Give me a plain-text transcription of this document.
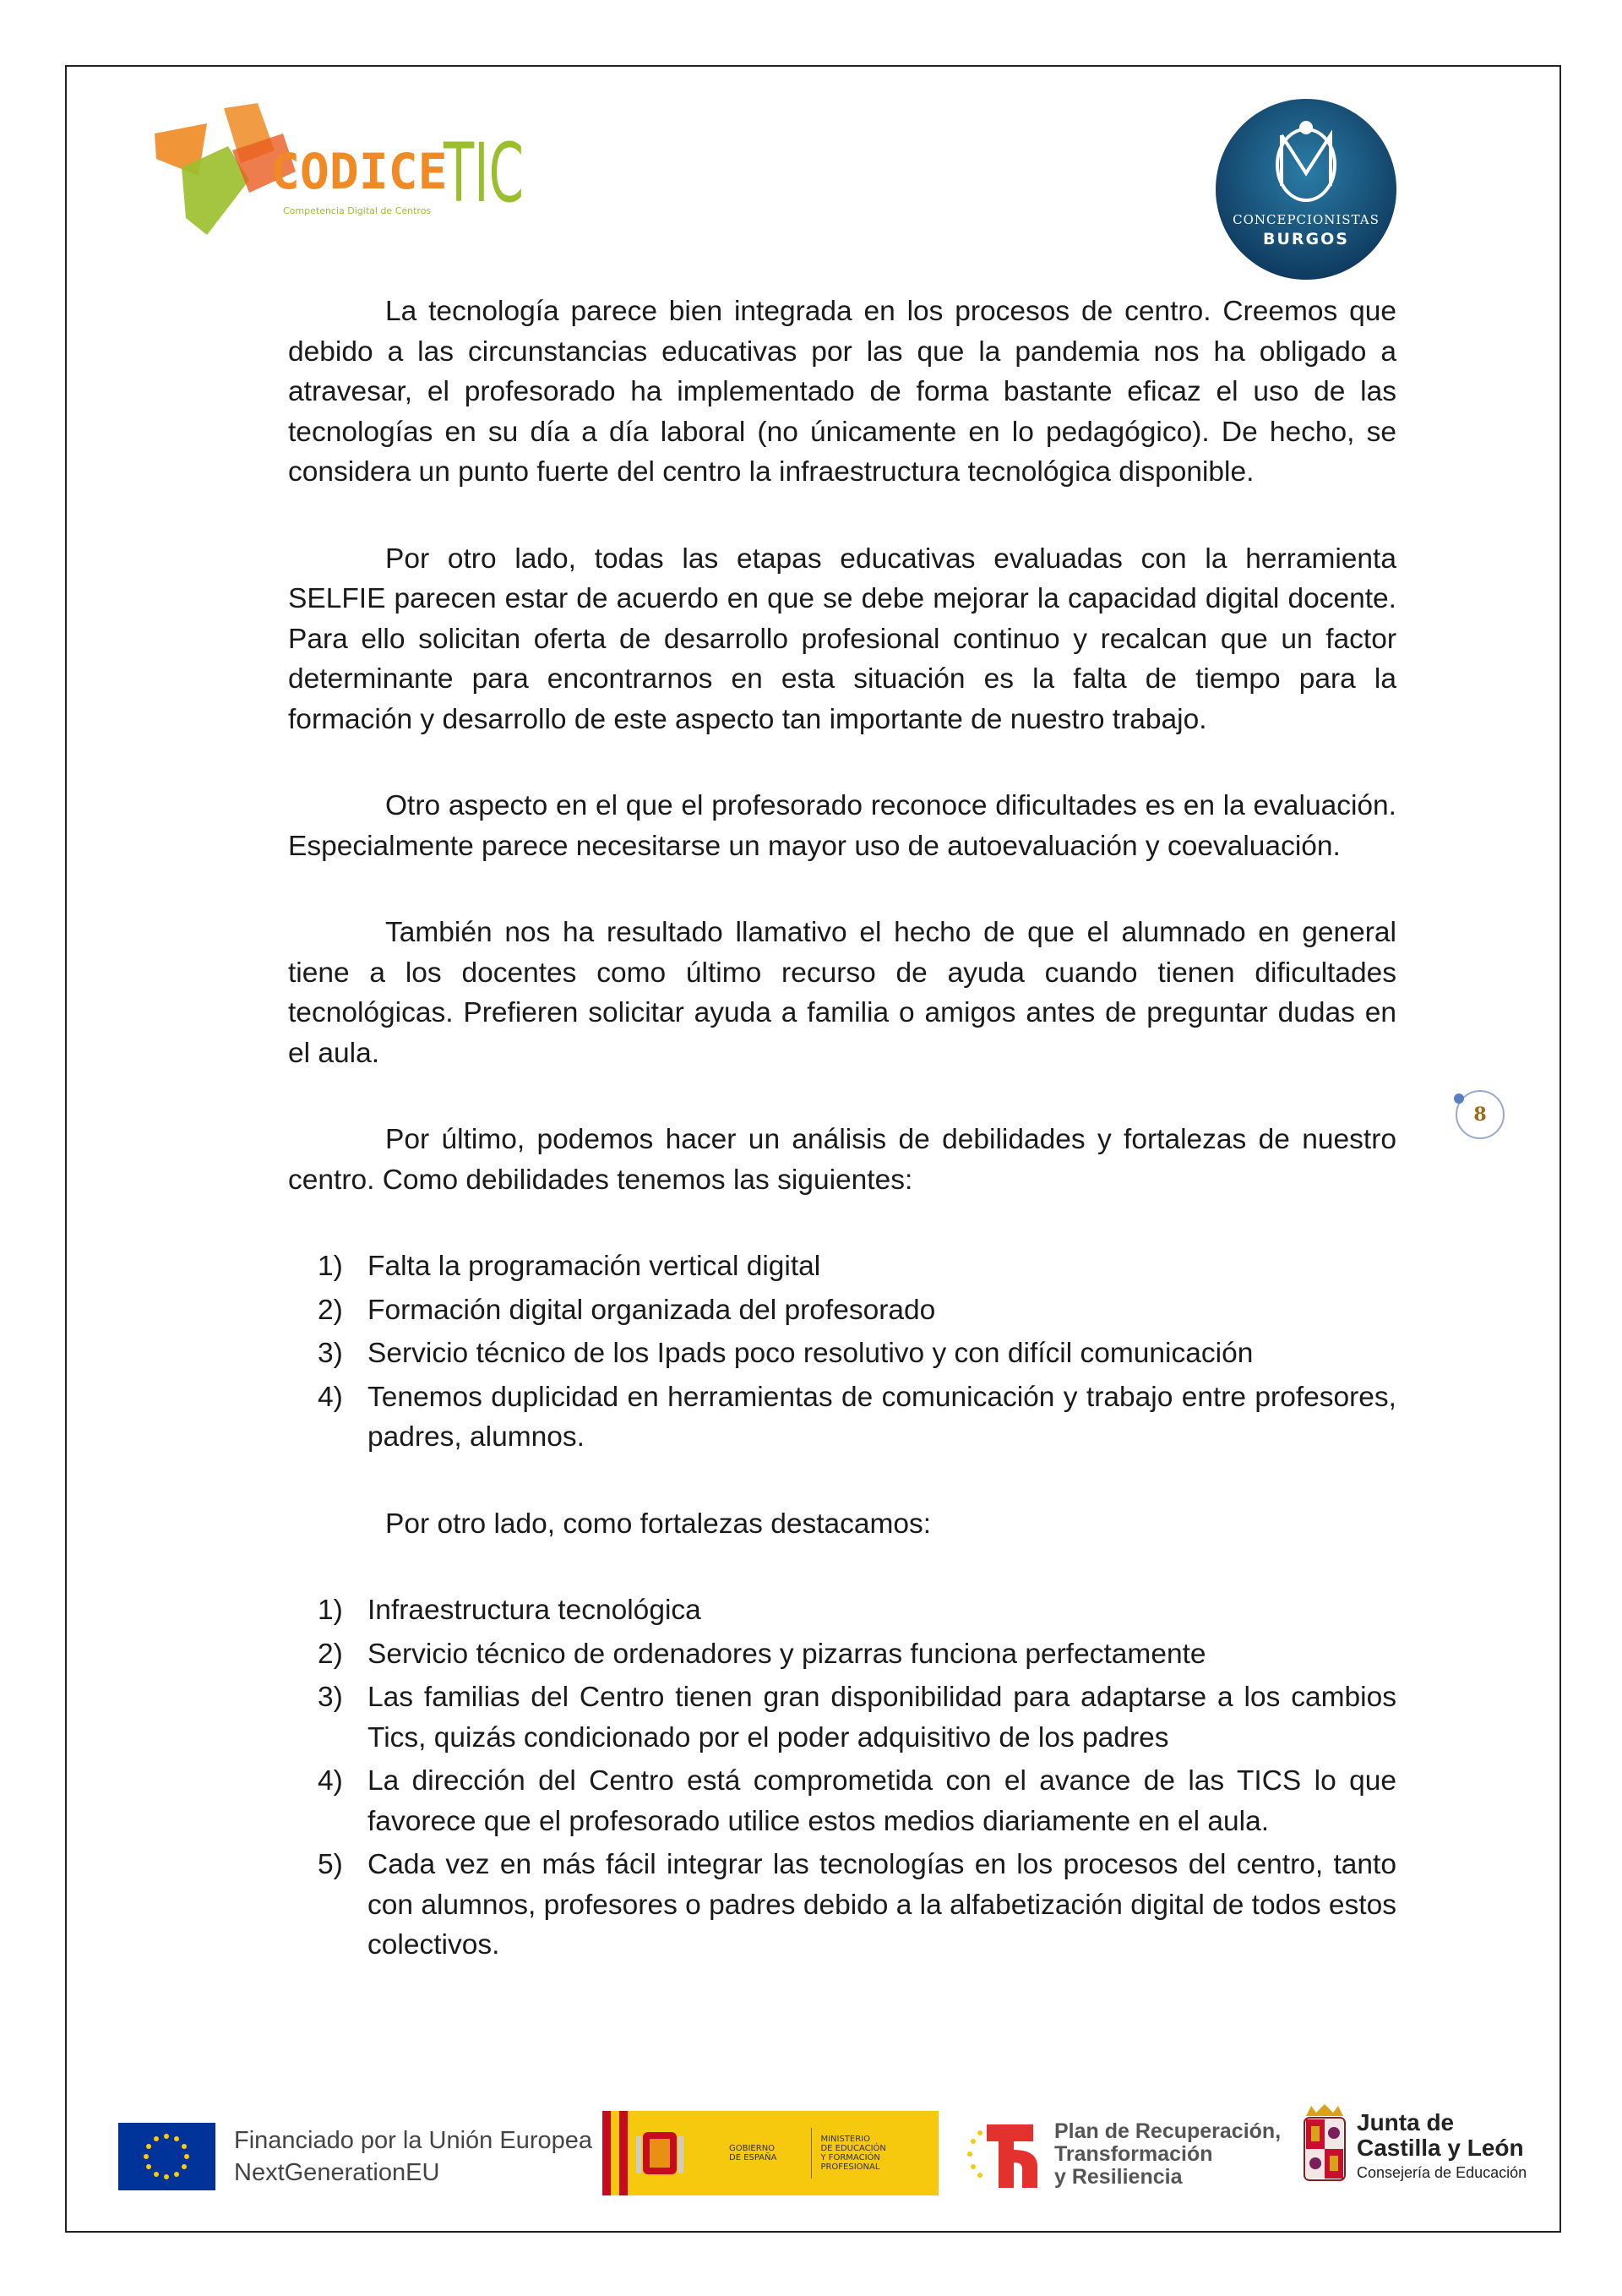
CODICE
TIC
Competencia Digital de Centros
CONCEPCIONISTAS
BURGOS

La tecnología parece bien integrada en los procesos de centro. Creemos que debido a las circunstancias educativas por las que la pandemia nos ha obligado a atravesar, el profesorado ha implementado de forma bastante eficaz el uso de las tecnologías en su día a día laboral (no únicamente en lo pedagógico). De hecho, se considera un punto fuerte del centro la infraestructura tecnológica disponible.

Por otro lado, todas las etapas educativas evaluadas con la herramienta SELFIE parecen estar de acuerdo en que se debe mejorar la capacidad digital docente. Para ello solicitan oferta de desarrollo profesional continuo y recalcan que un factor determinante para encontrarnos en esta situación es la falta de tiempo para la formación y desarrollo de este aspecto tan importante de nuestro trabajo.

Otro aspecto en el que el profesorado reconoce dificultades es en la evaluación. Especialmente parece necesitarse un mayor uso de autoevaluación y coevaluación.

También nos ha resultado llamativo el hecho de que el alumnado en general tiene a los docentes como último recurso de ayuda cuando tienen dificultades tecnológicas. Prefieren solicitar ayuda a familia o amigos antes de preguntar dudas en el aula.

Por último, podemos hacer un análisis de debilidades y fortalezas de nuestro centro. Como debilidades tenemos las siguientes:

1) Falta la programación vertical digital
2) Formación digital organizada del profesorado
3) Servicio técnico de los Ipads poco resolutivo y con difícil comunicación
4) Tenemos duplicidad en herramientas de comunicación y trabajo entre profesores, padres, alumnos.

Por otro lado, como fortalezas destacamos:

1) Infraestructura tecnológica
2) Servicio técnico de ordenadores y pizarras funciona perfectamente
3) Las familias del Centro tienen gran disponibilidad para adaptarse a los cambios Tics, quizás condicionado por el poder adquisitivo de los padres
4) La dirección del Centro está comprometida con el avance de las TICS lo que favorece que el profesorado utilice estos medios diariamente en el aula.
5) Cada vez en más fácil integrar las tecnologías en los procesos del centro, tanto con alumnos, profesores o padres debido a la alfabetización digital de todos estos colectivos.
8
Financiado por la Unión Europea
NextGenerationEU
GOBIERNO
DE ESPAÑA
MINISTERIO
DE EDUCACIÓN
Y FORMACIÓN PROFESIONAL
Plan de Recuperación,
Transformación
y Resiliencia
Junta de
Castilla y León
Consejería de Educación
